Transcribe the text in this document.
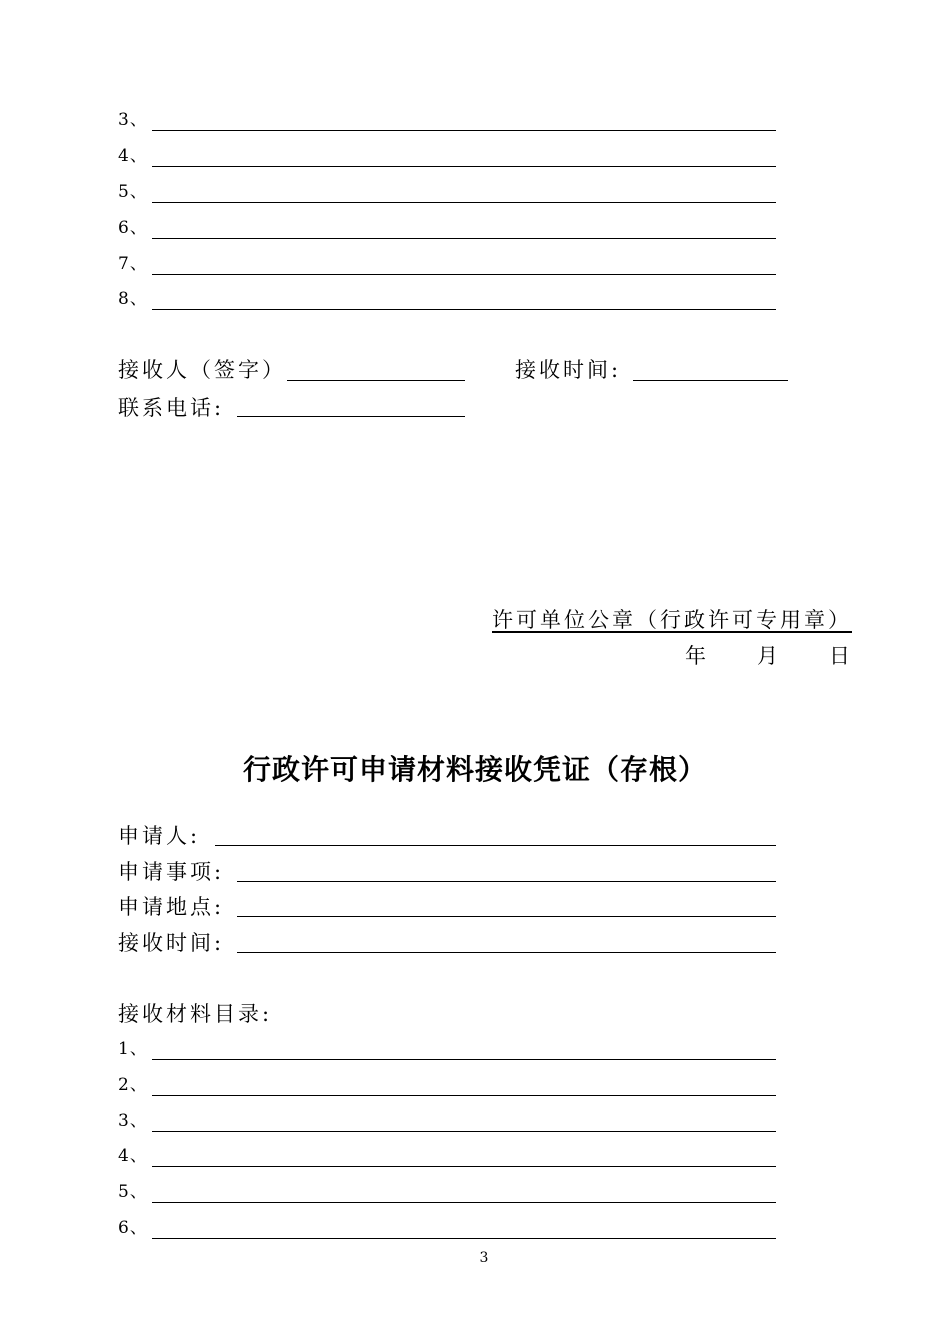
3、
4、
5、
6、
7、
8、
接收人（签字）	接收时间:
联系电话:
许可单位公章（行政许可专用章）
年 月 日
行政许可申请材料接收凭证（存根）
申请人:
申请事项:
申请地点:
接收时间:
接收材料目录:
1、
2、
3、
4、
5、
6、
3
